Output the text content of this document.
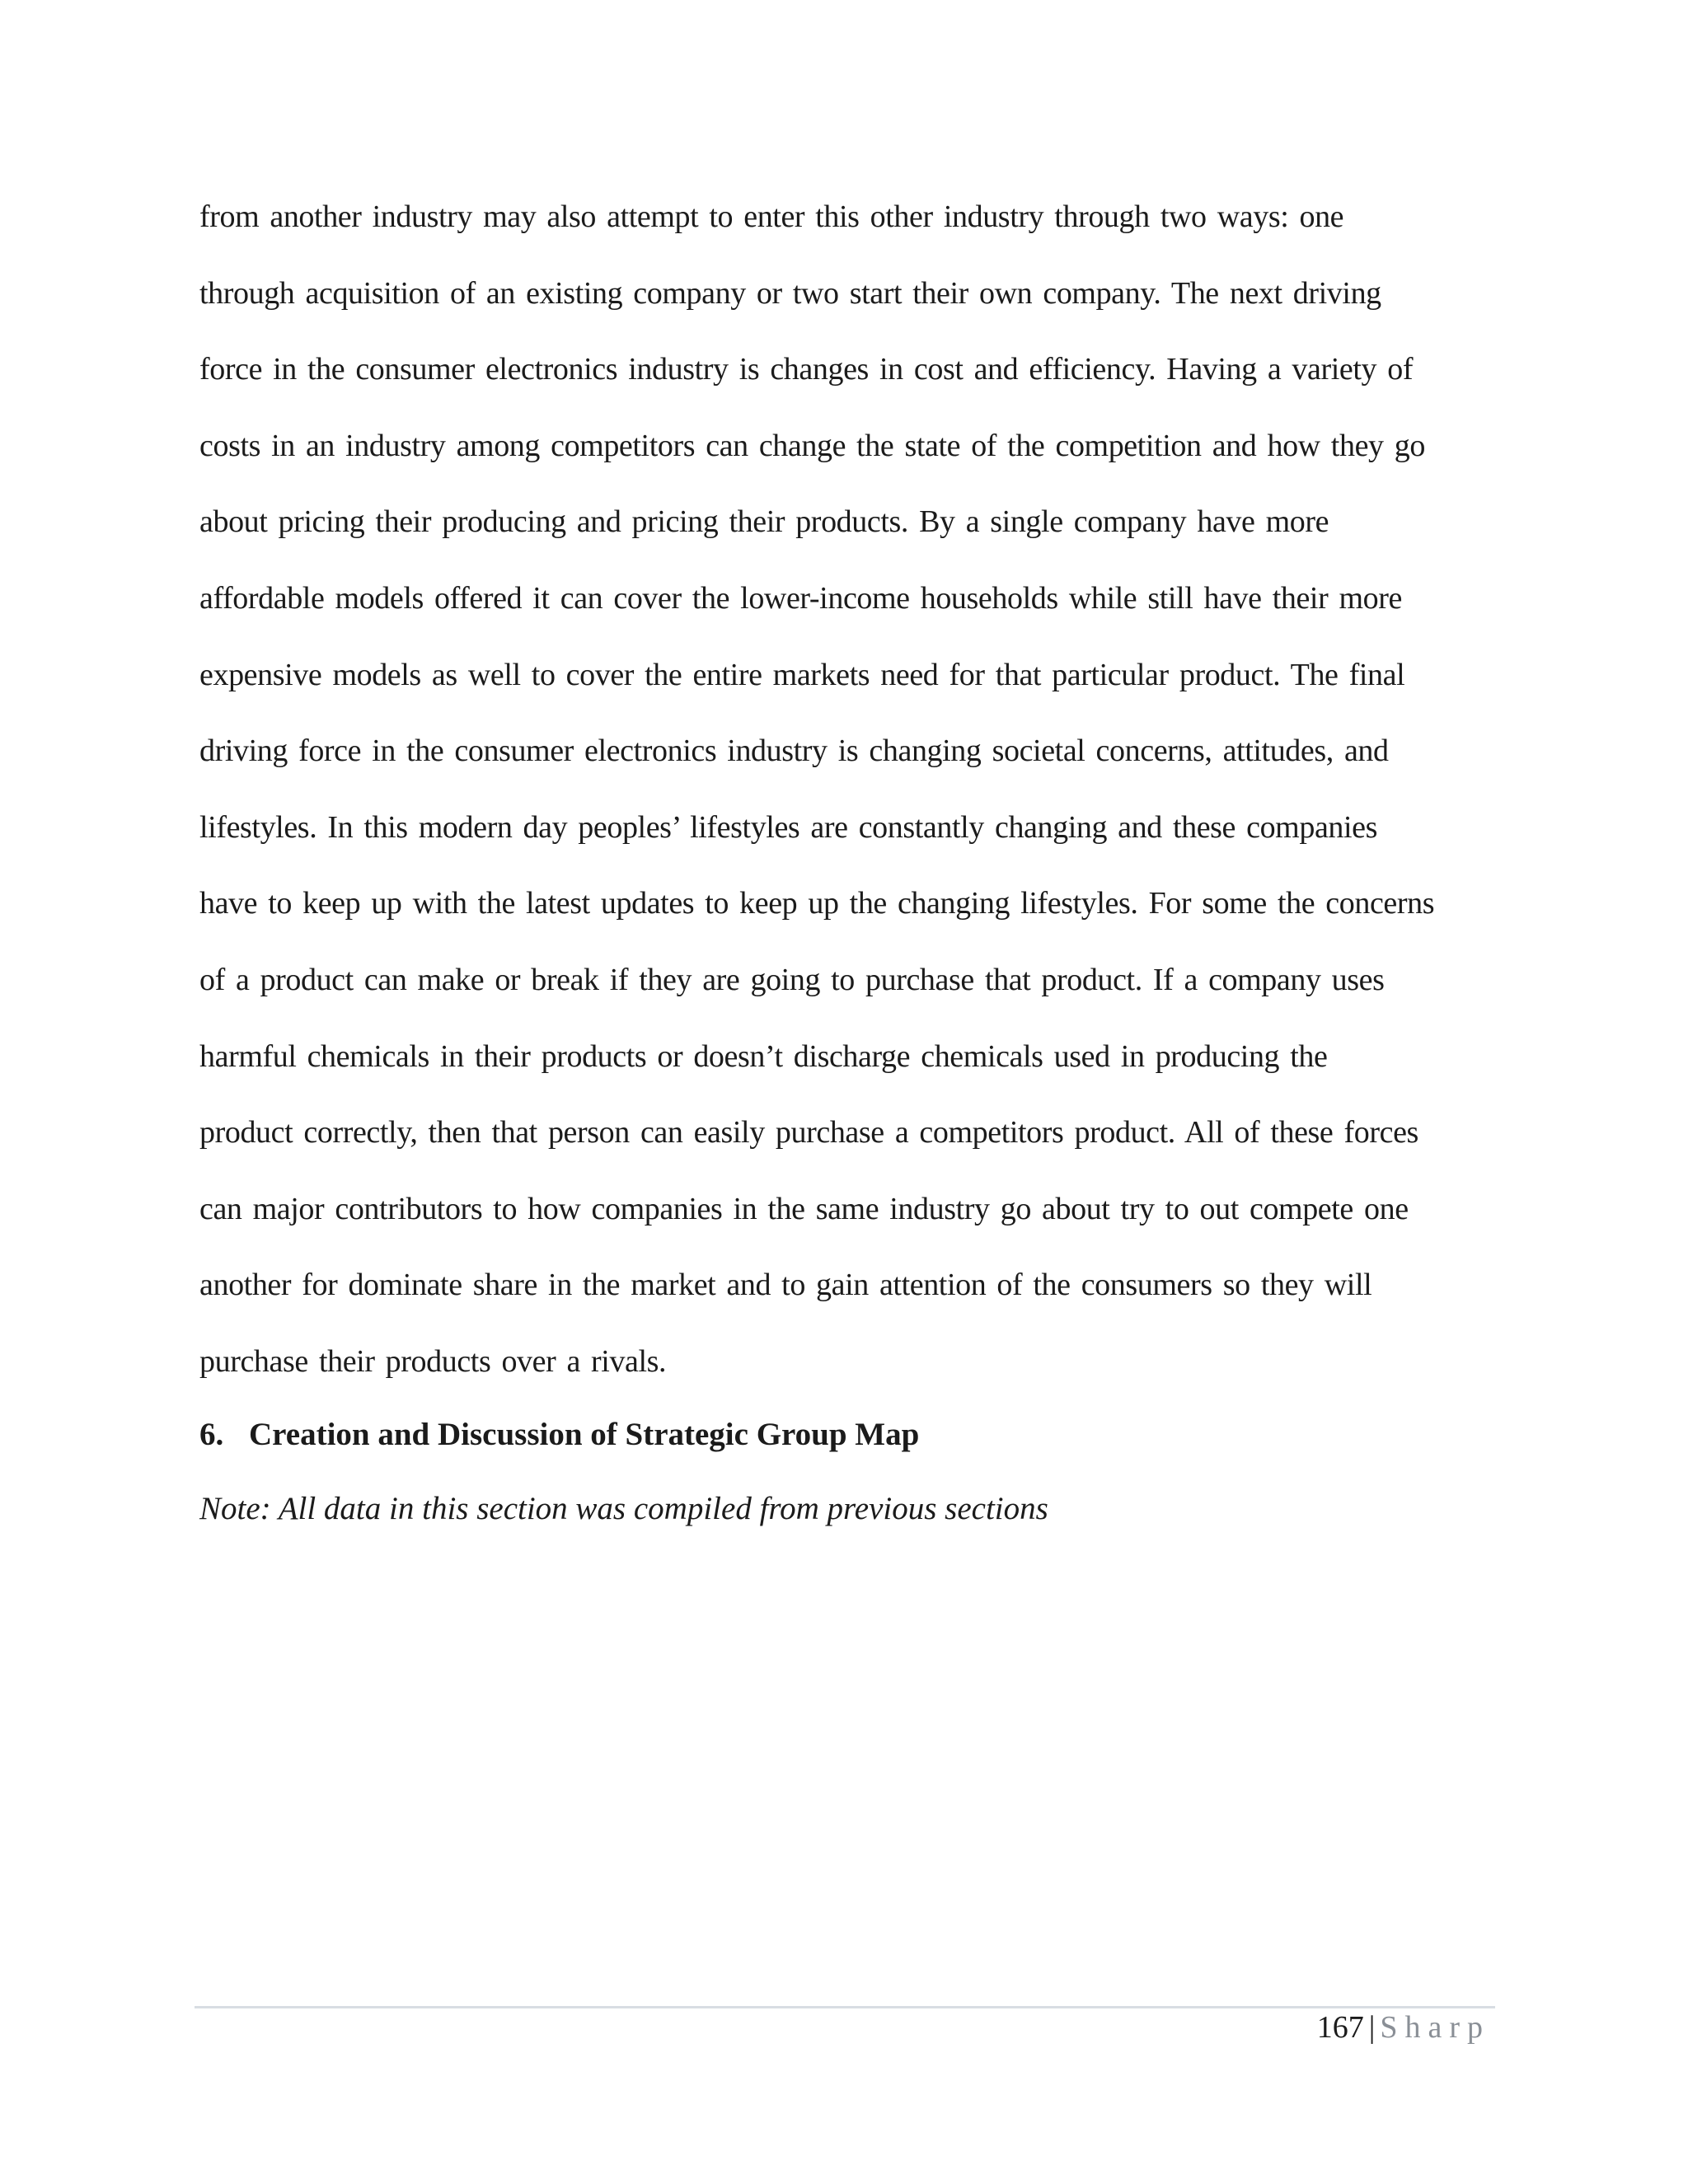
from another industry may also attempt to enter this other industry through two ways: one
through acquisition of an existing company or two start their own company. The next driving
force in the consumer electronics industry is changes in cost and efficiency. Having a variety of
costs in an industry among competitors can change the state of the competition and how they go
about pricing their producing and pricing their products. By a single company have more
affordable models offered it can cover the lower-income households while still have their more
expensive models as well to cover the entire markets need for that particular product. The final
driving force in the consumer electronics industry is changing societal concerns, attitudes, and
lifestyles. In this modern day peoples’ lifestyles are constantly changing and these companies
have to keep up with the latest updates to keep up the changing lifestyles. For some the concerns
of a product can make or break if they are going to purchase that product. If a company uses
harmful chemicals in their products or doesn’t discharge chemicals used in producing the
product correctly, then that person can easily purchase a competitors product. All of these forces
can major contributors to how companies in the same industry go about try to out compete one
another for dominate share in the market and to gain attention of the consumers so they will
purchase their products over a rivals.
6. Creation and Discussion of Strategic Group Map
Note: All data in this section was compiled from previous sections
167 | Sharp
